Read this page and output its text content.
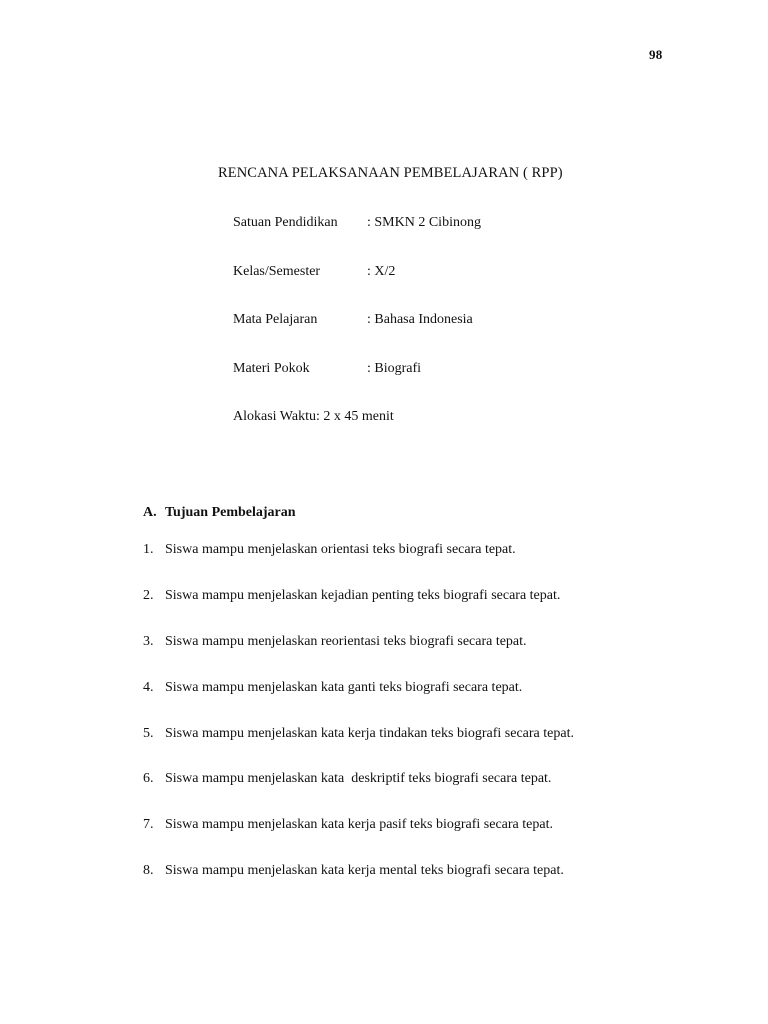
98
RENCANA PELAKSANAAN PEMBELAJARAN ( RPP)
Satuan Pendidikan : SMKN 2 Cibinong
Kelas/Semester	: X/2
Mata Pelajaran	: Bahasa Indonesia
Materi Pokok	: Biografi
Alokasi Waktu: 2 x 45 menit
A. Tujuan Pembelajaran
1. Siswa mampu menjelaskan orientasi teks biografi secara tepat.
2. Siswa mampu menjelaskan kejadian penting teks biografi secara tepat.
3. Siswa mampu menjelaskan reorientasi teks biografi secara tepat.
4. Siswa mampu menjelaskan kata ganti teks biografi secara tepat.
5. Siswa mampu menjelaskan kata kerja tindakan teks biografi secara tepat.
6. Siswa mampu menjelaskan kata  deskriptif teks biografi secara tepat.
7. Siswa mampu menjelaskan kata kerja pasif teks biografi secara tepat.
8. Siswa mampu menjelaskan kata kerja mental teks biografi secara tepat.
